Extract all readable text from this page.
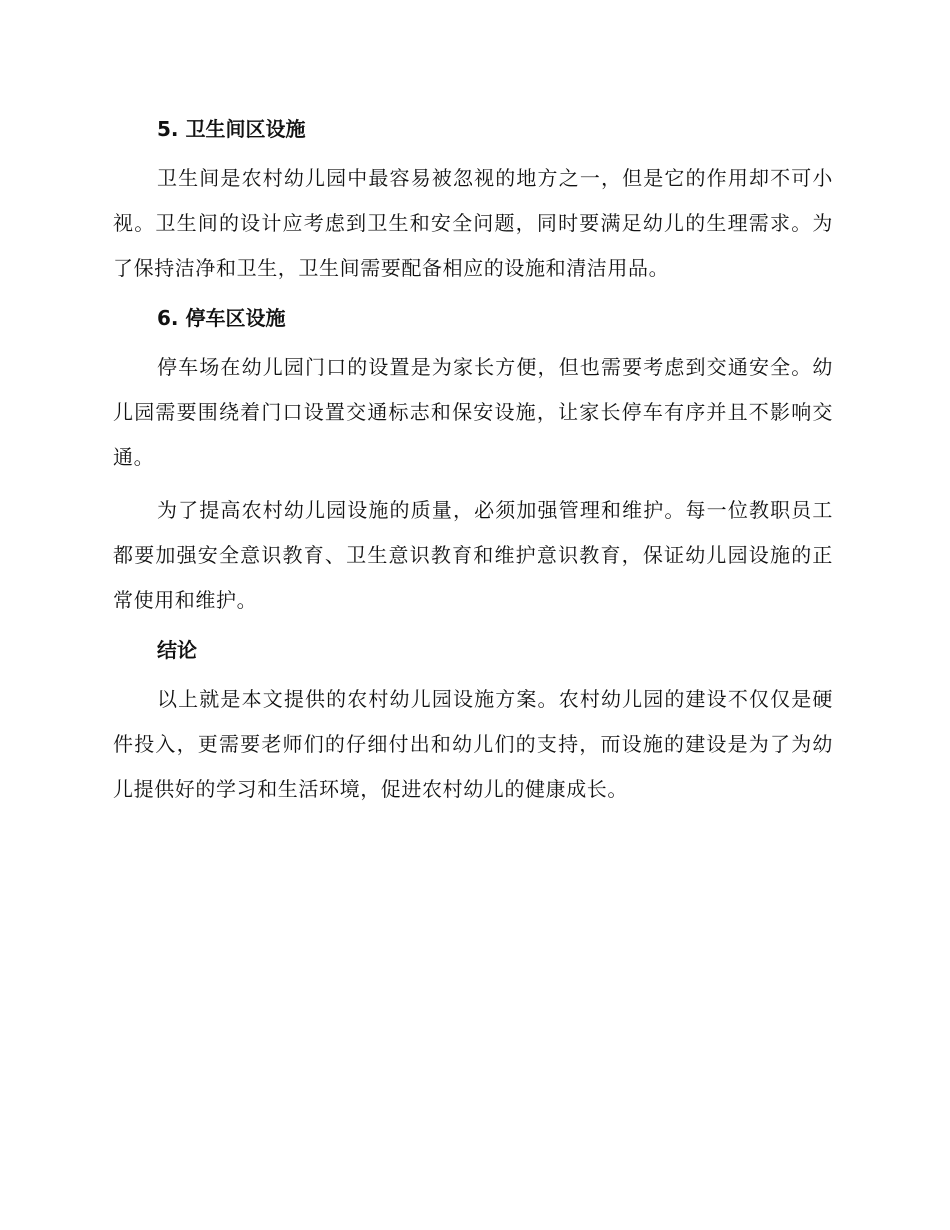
5. 卫生间区设施

卫生间是农村幼儿园中最容易被忽视的地方之一，但是它的作用却不可小视。卫生间的设计应考虑到卫生和安全问题，同时要满足幼儿的生理需求。为了保持洁净和卫生，卫生间需要配备相应的设施和清洁用品。

6. 停车区设施

停车场在幼儿园门口的设置是为家长方便，但也需要考虑到交通安全。幼儿园需要围绕着门口设置交通标志和保安设施，让家长停车有序并且不影响交通。

为了提高农村幼儿园设施的质量，必须加强管理和维护。每一位教职员工都要加强安全意识教育、卫生意识教育和维护意识教育，保证幼儿园设施的正常使用和维护。

结论

以上就是本文提供的农村幼儿园设施方案。农村幼儿园的建设不仅仅是硬件投入，更需要老师们的仔细付出和幼儿们的支持，而设施的建设是为了为幼儿提供好的学习和生活环境，促进农村幼儿的健康成长。
